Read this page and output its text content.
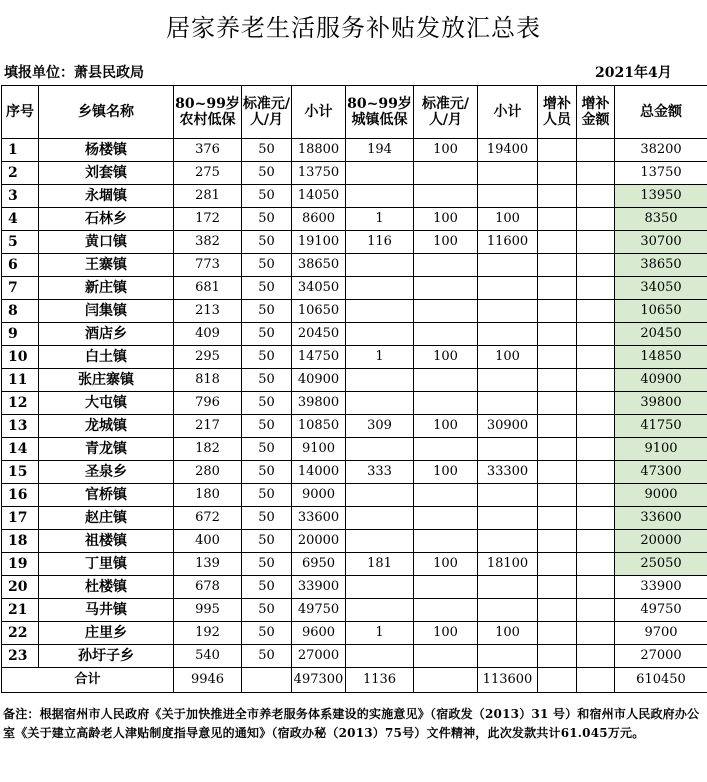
居家养老生活服务补贴发放汇总表
填报单位：萧县民政局	2021年4月
序号	乡镇名称	80~99岁农村低保	标准元/人/月	小计	80~99岁城镇低保	标准元/人/月	小计	增补人员	增补金额	总金额
1	杨楼镇	376	50	18800	194	100	19400			38200
2	刘套镇	275	50	13750						13750
3	永堌镇	281	50	14050						13950
4	石林乡	172	50	8600	1	100	100			8350
5	黄口镇	382	50	19100	116	100	11600			30700
6	王寨镇	773	50	38650						38650
7	新庄镇	681	50	34050						34050
8	闫集镇	213	50	10650						10650
9	酒店乡	409	50	20450						20450
10	白土镇	295	50	14750	1	100	100			14850
11	张庄寨镇	818	50	40900						40900
12	大屯镇	796	50	39800						39800
13	龙城镇	217	50	10850	309	100	30900			41750
14	青龙镇	182	50	9100						9100
15	圣泉乡	280	50	14000	333	100	33300			47300
16	官桥镇	180	50	9000						9000
17	赵庄镇	672	50	33600						33600
18	祖楼镇	400	50	20000						20000
19	丁里镇	139	50	6950	181	100	18100			25050
20	杜楼镇	678	50	33900						33900
21	马井镇	995	50	49750						49750
22	庄里乡	192	50	9600	1	100	100			9700
23	孙圩子乡	540	50	27000						27000
合计		9946		497300	1136		113600			610450
备注：根据宿州市人民政府《关于加快推进全市养老服务体系建设的实施意见》（宿政发（2013）31 号）和宿州市人民政府办公室《关于建立高龄老人津贴制度指导意见的通知》（宿政办秘（2013）75号）文件精神，此次发款共计61.045万元。
